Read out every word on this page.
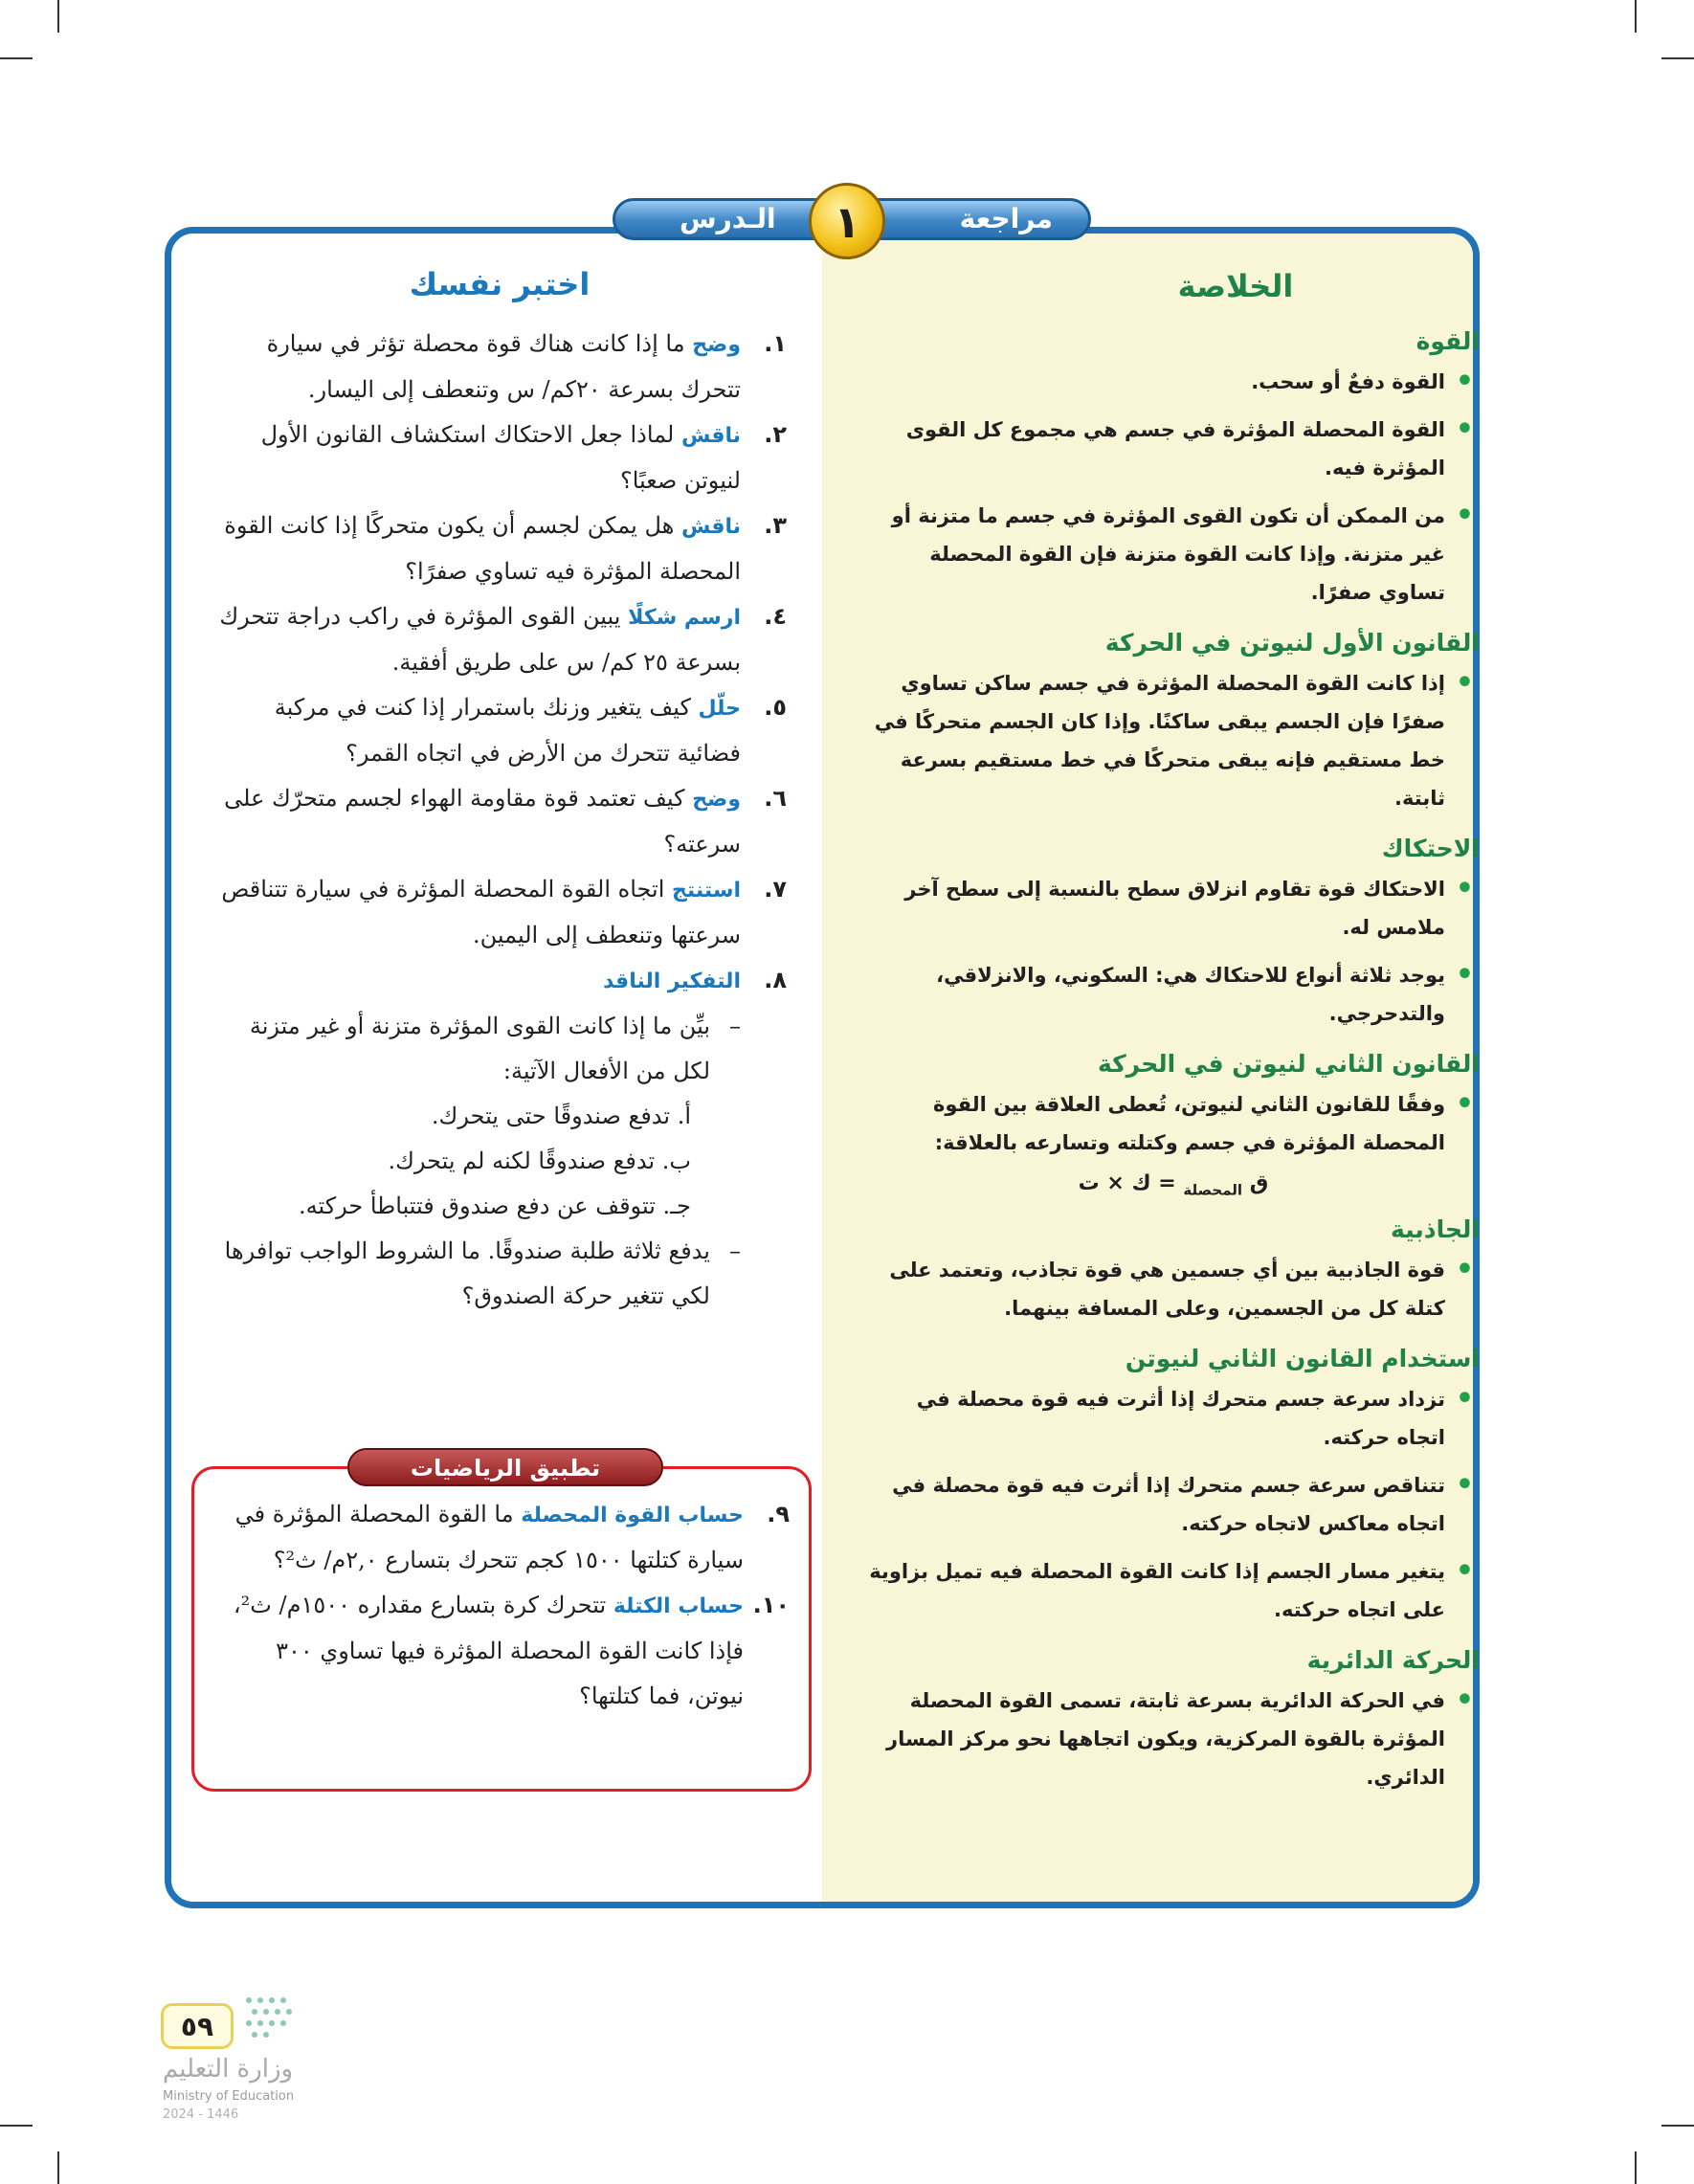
مراجعة
الـدرس	١
الخلاصة
القوة
• القوة دفعٌ أو سحب.
• القوة المحصلة المؤثرة في جسم هي مجموع كل القوى المؤثرة فيه.
• من الممكن أن تكون القوى المؤثرة في جسم ما متزنة أو غير متزنة. وإذا كانت القوة متزنة فإن القوة المحصلة تساوي صفرًا.
القانون الأول لنيوتن في الحركة
• إذا كانت القوة المحصلة المؤثرة في جسم ساكن تساوي صفرًا فإن الجسم يبقى ساكنًا. وإذا كان الجسم متحركًا في خط مستقيم فإنه يبقى متحركًا في خط مستقيم بسرعة ثابتة.
الاحتكاك
• الاحتكاك قوة تقاوم انزلاق سطح بالنسبة إلى سطح آخر ملامس له.
• يوجد ثلاثة أنواع للاحتكاك هي: السكوني، والانزلاقي، والتدحرجي.
القانون الثاني لنيوتن في الحركة
• وفقًا للقانون الثاني لنيوتن، تُعطى العلاقة بين القوة المحصلة المؤثرة في جسم وكتلته وتسارعه بالعلاقة:
ق $_{المحصلة}$ = ك × ت
الجاذبية
• قوة الجاذبية بين أي جسمين هي قوة تجاذب، وتعتمد على كتلة كل من الجسمين، وعلى المسافة بينهما.
استخدام القانون الثاني لنيوتن
• تزداد سرعة جسم متحرك إذا أثرت فيه قوة محصلة في اتجاه حركته.
• تتناقص سرعة جسم متحرك إذا أثرت فيه قوة محصلة في اتجاه معاكس لاتجاه حركته.
• يتغير مسار الجسم إذا كانت القوة المحصلة فيه تميل بزاوية على اتجاه حركته.
الحركة الدائرية
• في الحركة الدائرية بسرعة ثابتة، تسمى القوة المحصلة المؤثرة بالقوة المركزية، ويكون اتجاهها نحو مركز المسار الدائري.
اختبر نفسك
١.
وضح ما إذا كانت هناك قوة محصلة تؤثر في سيارة تتحرك بسرعة ٢٠كم/ س وتنعطف إلى اليسار.
٢.
ناقش لماذا جعل الاحتكاك استكشاف القانون الأول لنيوتن صعبًا؟
٣.
ناقش هل يمكن لجسم أن يكون متحركًا إذا كانت القوة المحصلة المؤثرة فيه تساوي صفرًا؟
٤.
ارسم شكلًا يبين القوى المؤثرة في راكب دراجة تتحرك بسرعة ٢٥ كم/ س على طريق أفقية.
٥.
حلّل كيف يتغير وزنك باستمرار إذا كنت في مركبة فضائية تتحرك من الأرض في اتجاه القمر؟
٦.
وضح كيف تعتمد قوة مقاومة الهواء لجسم متحرّك على سرعته؟
٧.
استنتج اتجاه القوة المحصلة المؤثرة في سيارة تتناقص سرعتها وتنعطف إلى اليمين.
٨.
التفكير الناقد
–
بيِّن ما إذا كانت القوى المؤثرة متزنة أو غير متزنة لكل من الأفعال الآتية:
أ. تدفع صندوقًا حتى يتحرك.
ب. تدفع صندوقًا لكنه لم يتحرك.
جـ. تتوقف عن دفع صندوق فتتباطأ حركته.
–
يدفع ثلاثة طلبة صندوقًا. ما الشروط الواجب توافرها لكي تتغير حركة الصندوق؟
تطبيق الرياضيات
٩.
حساب القوة المحصلة ما القوة المحصلة المؤثرة في سيارة كتلتها ١٥٠٠ كجم تتحرك بتسارع ٢,٠م/ ث²؟
١٠.
حساب الكتلة تتحرك كرة بتسارع مقداره ١٥٠٠م/ ث²، فإذا كانت القوة المحصلة المؤثرة فيها تساوي ٣٠٠ نيوتن، فما كتلتها؟
٥٩
وزارة التعليم
Ministry of Education
2024 - 1446
